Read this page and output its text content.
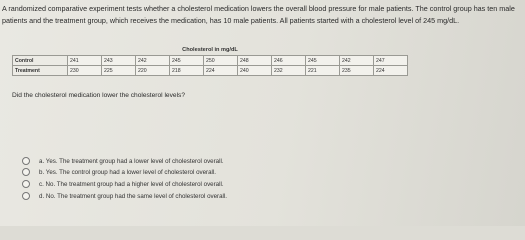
A randomized comparative experiment tests whether a cholesterol medication lowers the overall blood pressure for male patients. The control group has ten male patients and the treatment group, which receives the medication, has 10 male patients. All patients started with a cholesterol level of 245 mg/dL.
Cholesterol in mg/dL
Control	241	243	242	245	250	248	246	245	242	247
Treatment	230	225	220	218	224	240	232	221	235	224
Did the cholesterol medication lower the cholesterol levels?
a. Yes. The treatment group had a lower level of cholesterol overall.
b. Yes. The control group had a lower level of cholesterol overall.
c. No. The treatment group had a higher level of cholesterol overall.
d. No. The treatment group had the same level of cholesterol overall.
